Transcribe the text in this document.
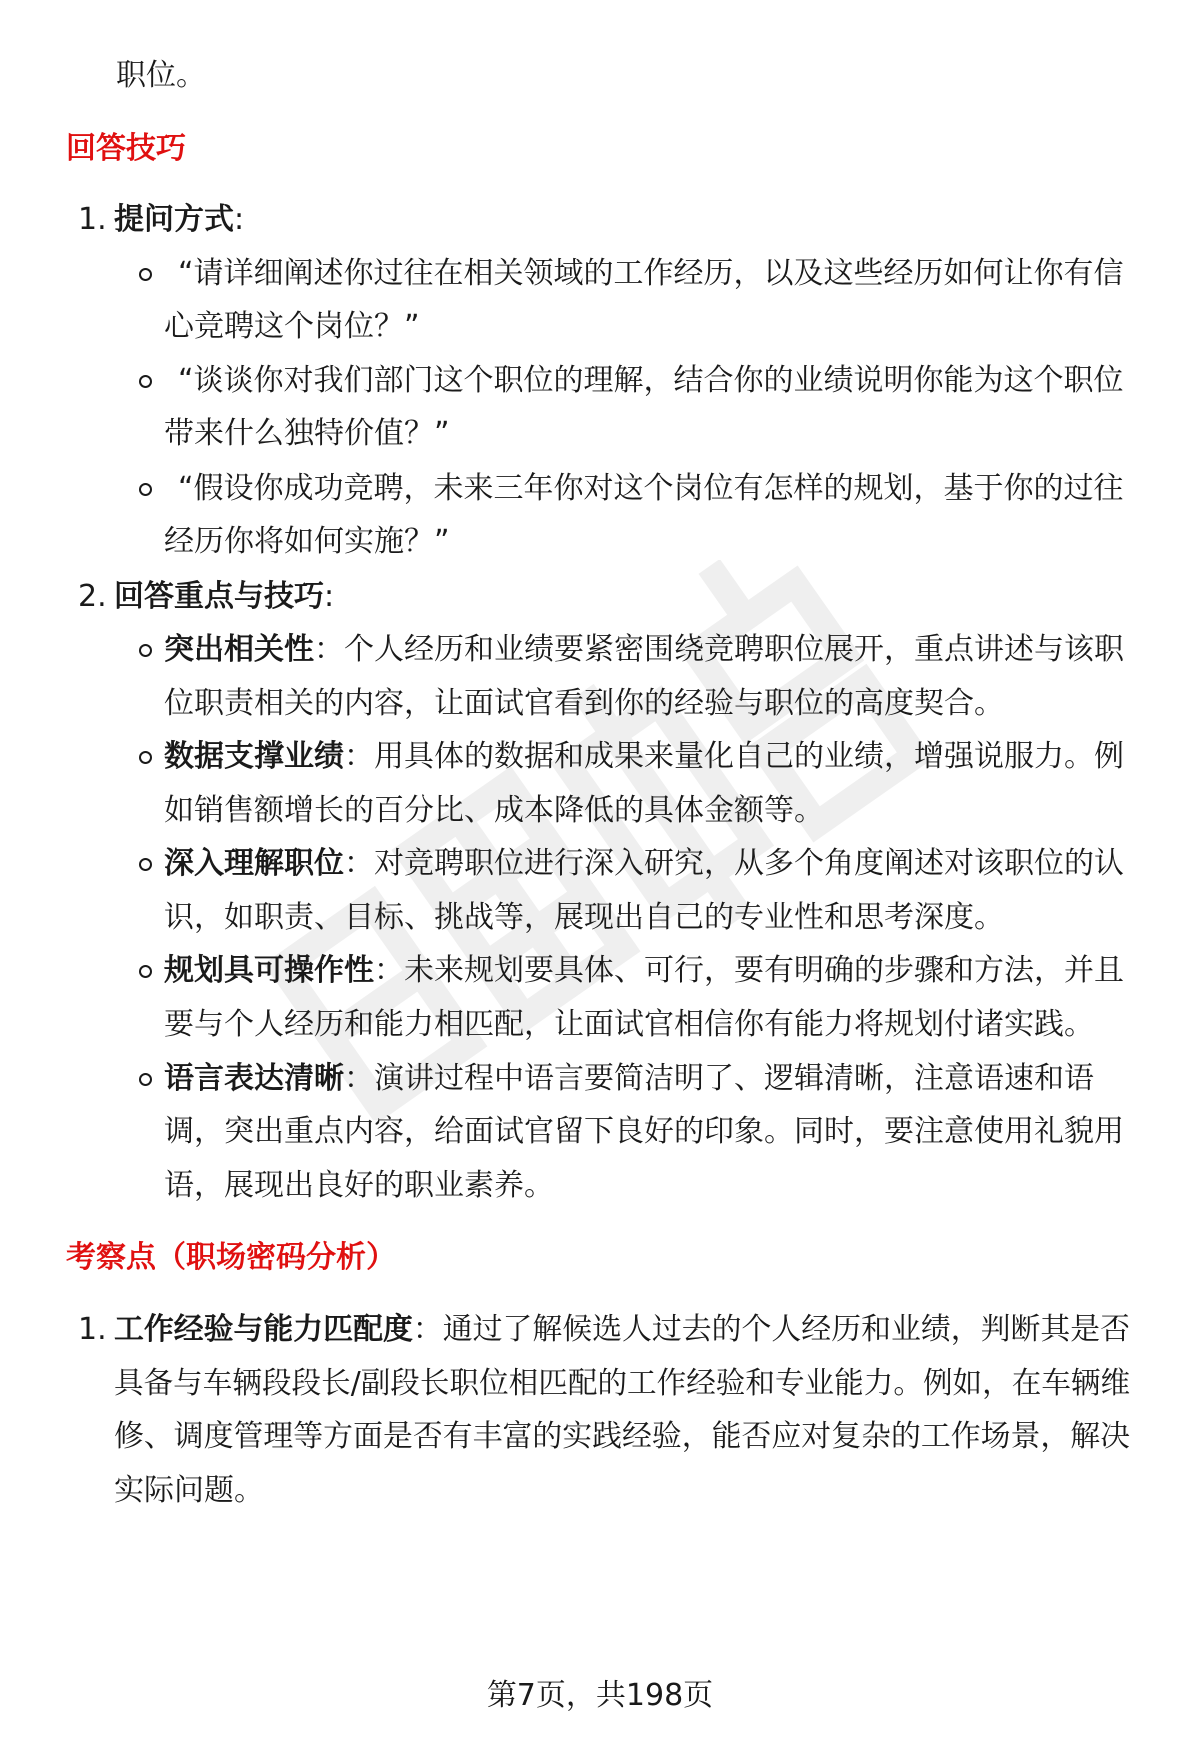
职位。
回答技巧
1. 提问方式:
“请详细阐述你过往在相关领域的工作经历，以及这些经历如何让你有信
心竞聘这个岗位？”
“谈谈你对我们部门这个职位的理解，结合你的业绩说明你能为这个职位
带来什么独特价值？”
“假设你成功竞聘，未来三年你对这个岗位有怎样的规划，基于你的过往
经历你将如何实施？”
2. 回答重点与技巧:
突出相关性：个人经历和业绩要紧密围绕竞聘职位展开，重点讲述与该职
位职责相关的内容，让面试官看到你的经验与职位的高度契合。
数据支撑业绩：用具体的数据和成果来量化自己的业绩，增强说服力。例
如销售额增长的百分比、成本降低的具体金额等。
深入理解职位：对竞聘职位进行深入研究，从多个角度阐述对该职位的认
识，如职责、目标、挑战等，展现出自己的专业性和思考深度。
规划具可操作性：未来规划要具体、可行，要有明确的步骤和方法，并且
要与个人经历和能力相匹配，让面试官相信你有能力将规划付诸实践。
语言表达清晰：演讲过程中语言要简洁明了、逻辑清晰，注意语速和语
调，突出重点内容，给面试官留下良好的印象。同时，要注意使用礼貌用
语，展现出良好的职业素养。
考察点（职场密码分析）
1. 工作经验与能力匹配度：通过了解候选人过去的个人经历和业绩，判断其是否
具备与车辆段段长/副段长职位相匹配的工作经验和专业能力。例如，在车辆维
修、调度管理等方面是否有丰富的实践经验，能否应对复杂的工作场景，解决
实际问题。
第7页，共198页
